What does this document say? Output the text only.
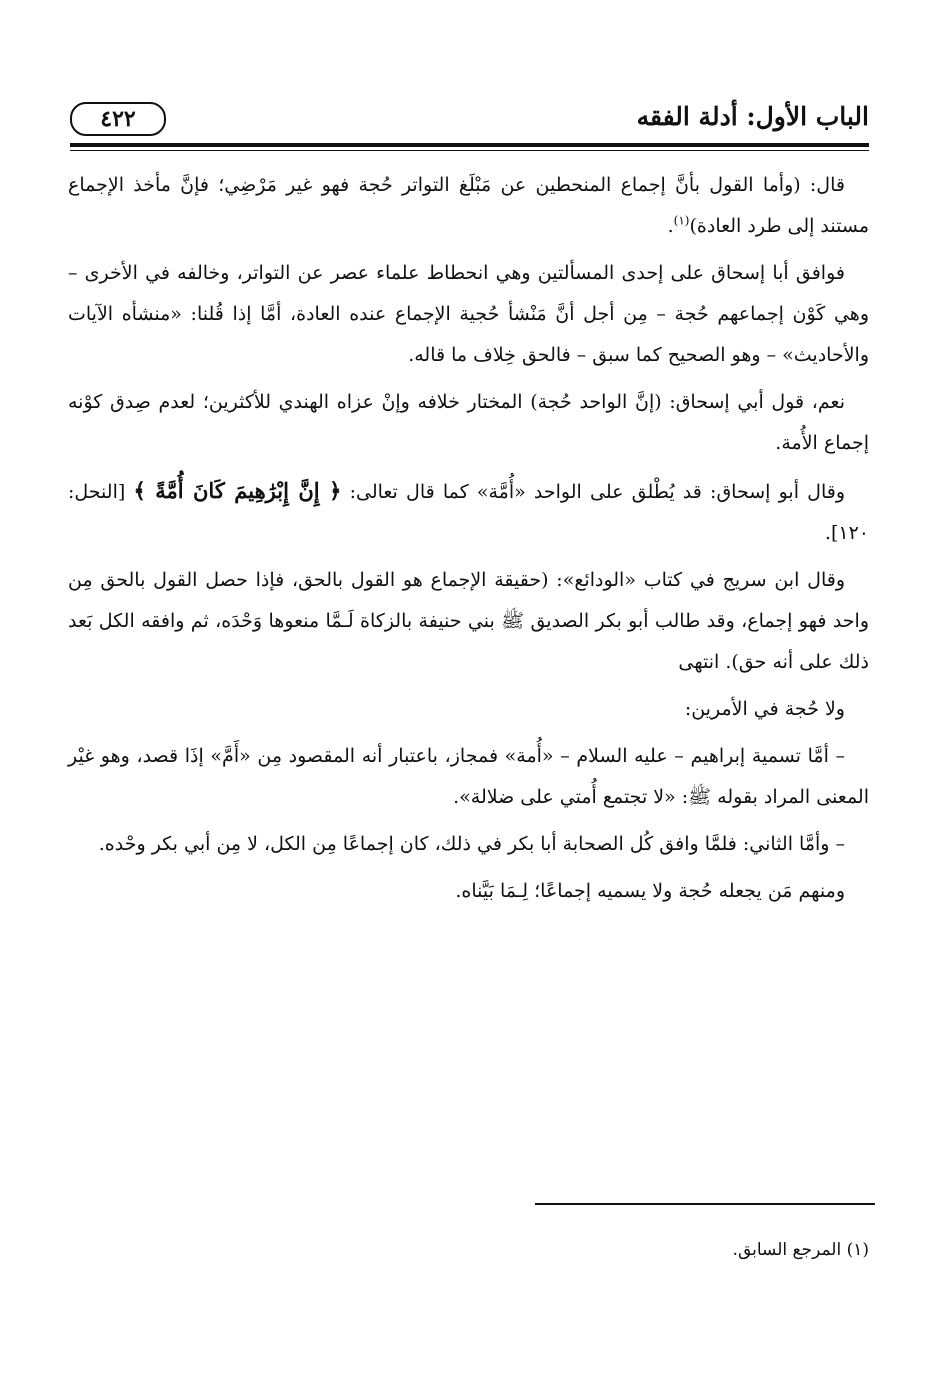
الباب الأول: أدلة الفقه
٤٢٢

قال: (وأما القول بأنَّ إجماع المنحطين عن مَبْلَغ التواتر حُجة فهو غير مَرْضِي؛ فإنَّ مأخذ الإجماع مستند إلى طرد العادة)$^{(١)}$.

فوافق أبا إسحاق على إحدى المسألتين وهي انحطاط علماء عصر عن التواتر، وخالفه في الأخرى – وهي كَوْن إجماعهم حُجة – مِن أجل أنَّ مَنْشأ حُجية الإجماع عنده العادة، أمَّا إذا قُلنا: «منشأه الآيات والأحاديث» – وهو الصحيح كما سبق – فالحق خِلاف ما قاله.

نعم، قول أبي إسحاق: (إنَّ الواحد حُجة) المختار خلافه وإنْ عزاه الهندي للأكثرين؛ لعدم صِدق كوْنه إجماع الأُمة.

وقال أبو إسحاق: قد يُطْلق على الواحد «أُمَّة» كما قال تعالى: ﴿ إِنَّ إِبْرَٰهِيمَ كَانَ أُمَّةً ﴾ [النحل: ١٢٠].

وقال ابن سريج في كتاب «الودائع»: (حقيقة الإجماع هو القول بالحق، فإذا حصل القول بالحق مِن واحد فهو إجماع، وقد طالب أبو بكر الصديق ﷺ بني حنيفة بالزكاة لَـمَّا منعوها وَحْدَه، ثم وافقه الكل بَعد ذلك على أنه حق). انتهى

ولا حُجة في الأمرين:

– أمَّا تسمية إبراهيم – عليه السلام – «أُمة» فمجاز، باعتبار أنه المقصود مِن «أَمَّ» إذَا قصد، وهو غيْر المعنى المراد بقوله ﷺ: «لا تجتمع أُمتي على ضلالة».

– وأمَّا الثاني: فلمَّا وافق كُل الصحابة أبا بكر في ذلك، كان إجماعًا مِن الكل، لا مِن أبي بكر وحْده.

ومنهم مَن يجعله حُجة ولا يسميه إجماعًا؛ لِـمَا بَيَّناه.

(١) المرجع السابق.
